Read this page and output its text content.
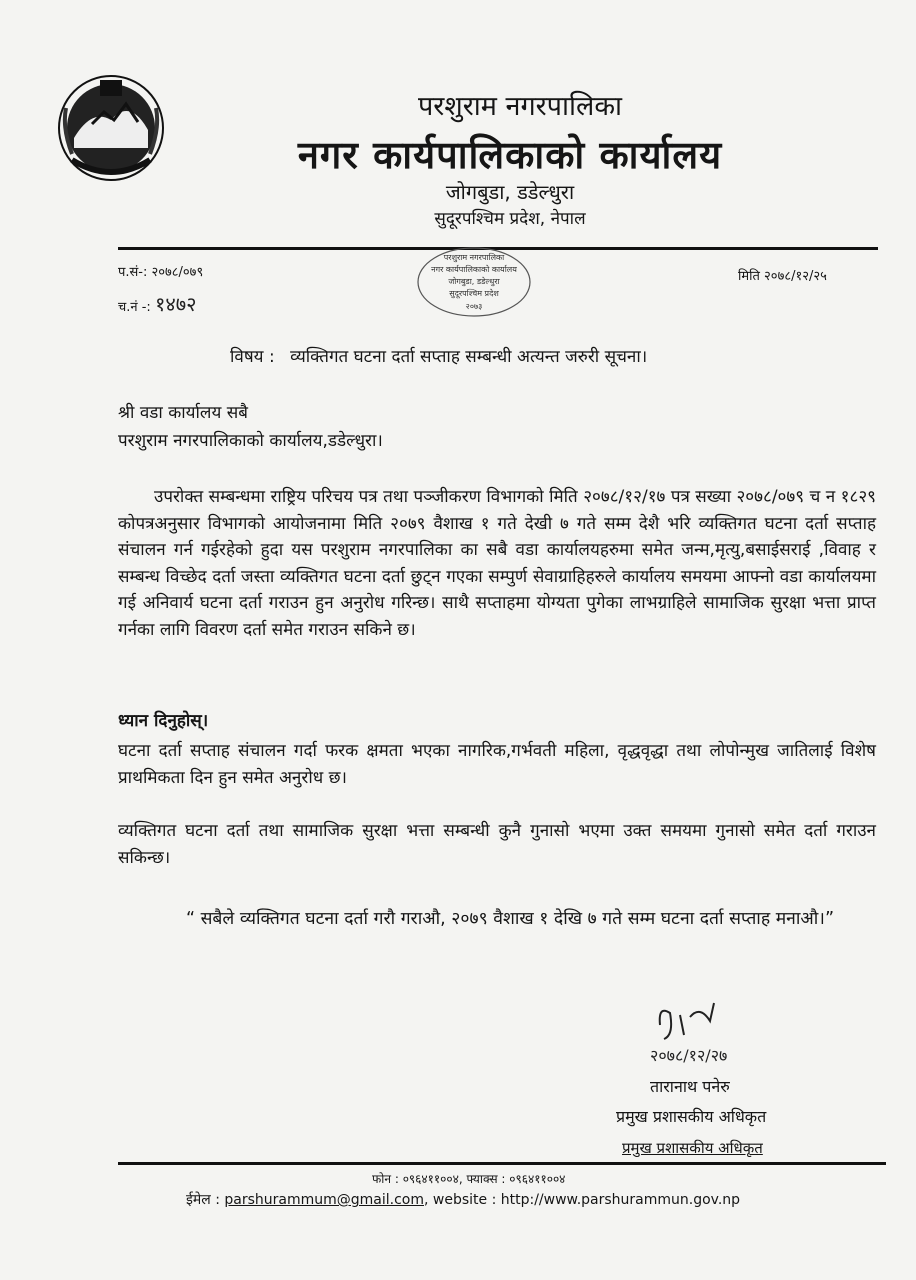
परशुराम नगरपालिका
नगर कार्यपालिकाको कार्यालय
जोगबुडा, डडेल्धुरा
सुदूरपश्चिम प्रदेश, नेपाल
परशुराम नगरपालिका
नगर कार्यपालिकाको कार्यालय
जोगबुडा, डडेल्धुरा
सुदूरपश्चिम प्रदेश
२०७३
प.सं-: २०७८/०७९
च.नं -: १४७२
मिति २०७८/१२/२५
विषय : व्यक्तिगत घटना दर्ता सप्ताह सम्बन्धी अत्यन्त जरुरी सूचना।
श्री वडा कार्यालय सबै
परशुराम नगरपालिकाको कार्यालय,डडेल्धुरा।
उपरोक्त सम्बन्धमा राष्ट्रिय परिचय पत्र तथा पञ्जीकरण विभागको मिति २०७८/१२/१७ पत्र सख्या २०७८/०७९ च न १८२९ कोपत्रअनुसार विभागको आयोजनामा मिति २०७९ वैशाख १ गते देखी ७ गते सम्म देशै भरि व्यक्तिगत घटना दर्ता सप्ताह संचालन गर्न गईरहेको हुदा यस परशुराम नगरपालिका का सबै वडा कार्यालयहरुमा समेत जन्म,मृत्यु,बसाईसराई ,विवाह र सम्बन्ध विच्छेद दर्ता जस्ता व्यक्तिगत घटना दर्ता छुट्न गएका सम्पुर्ण सेवाग्राहिहरुले कार्यालय समयमा आफ्नो वडा कार्यालयमा गई अनिवार्य घटना दर्ता गराउन हुन अनुरोध गरिन्छ। साथै सप्ताहमा योग्यता पुगेका लाभग्राहिले सामाजिक सुरक्षा भत्ता प्राप्त गर्नका लागि विवरण दर्ता समेत गराउन सकिने छ।
ध्यान दिनुहोस्।
घटना दर्ता सप्ताह संचालन गर्दा फरक क्षमता भएका नागरिक,गर्भवती महिला, वृद्धवृद्धा तथा लोपोन्मुख जातिलाई विशेष प्राथमिकता दिन हुन समेत अनुरोध छ।
व्यक्तिगत घटना दर्ता तथा सामाजिक सुरक्षा भत्ता सम्बन्धी कुनै गुनासो भएमा उक्त समयमा गुनासो समेत दर्ता गराउन सकिन्छ।
“ सबैले व्यक्तिगत घटना दर्ता गरौ गराऔ, २०७९ वैशाख १ देखि ७ गते सम्म घटना दर्ता सप्ताह मनाऔ।”
२०७८/१२/२७
तारानाथ पनेरु
प्रमुख प्रशासकीय अधिकृत
प्रमुख प्रशासकीय अधिकृत
फोन : ०९६४११००४, फ्याक्स : ०९६४११००४
ईमेल : parshurammum@gmail.com, website : http://www.parshurammun.gov.np
